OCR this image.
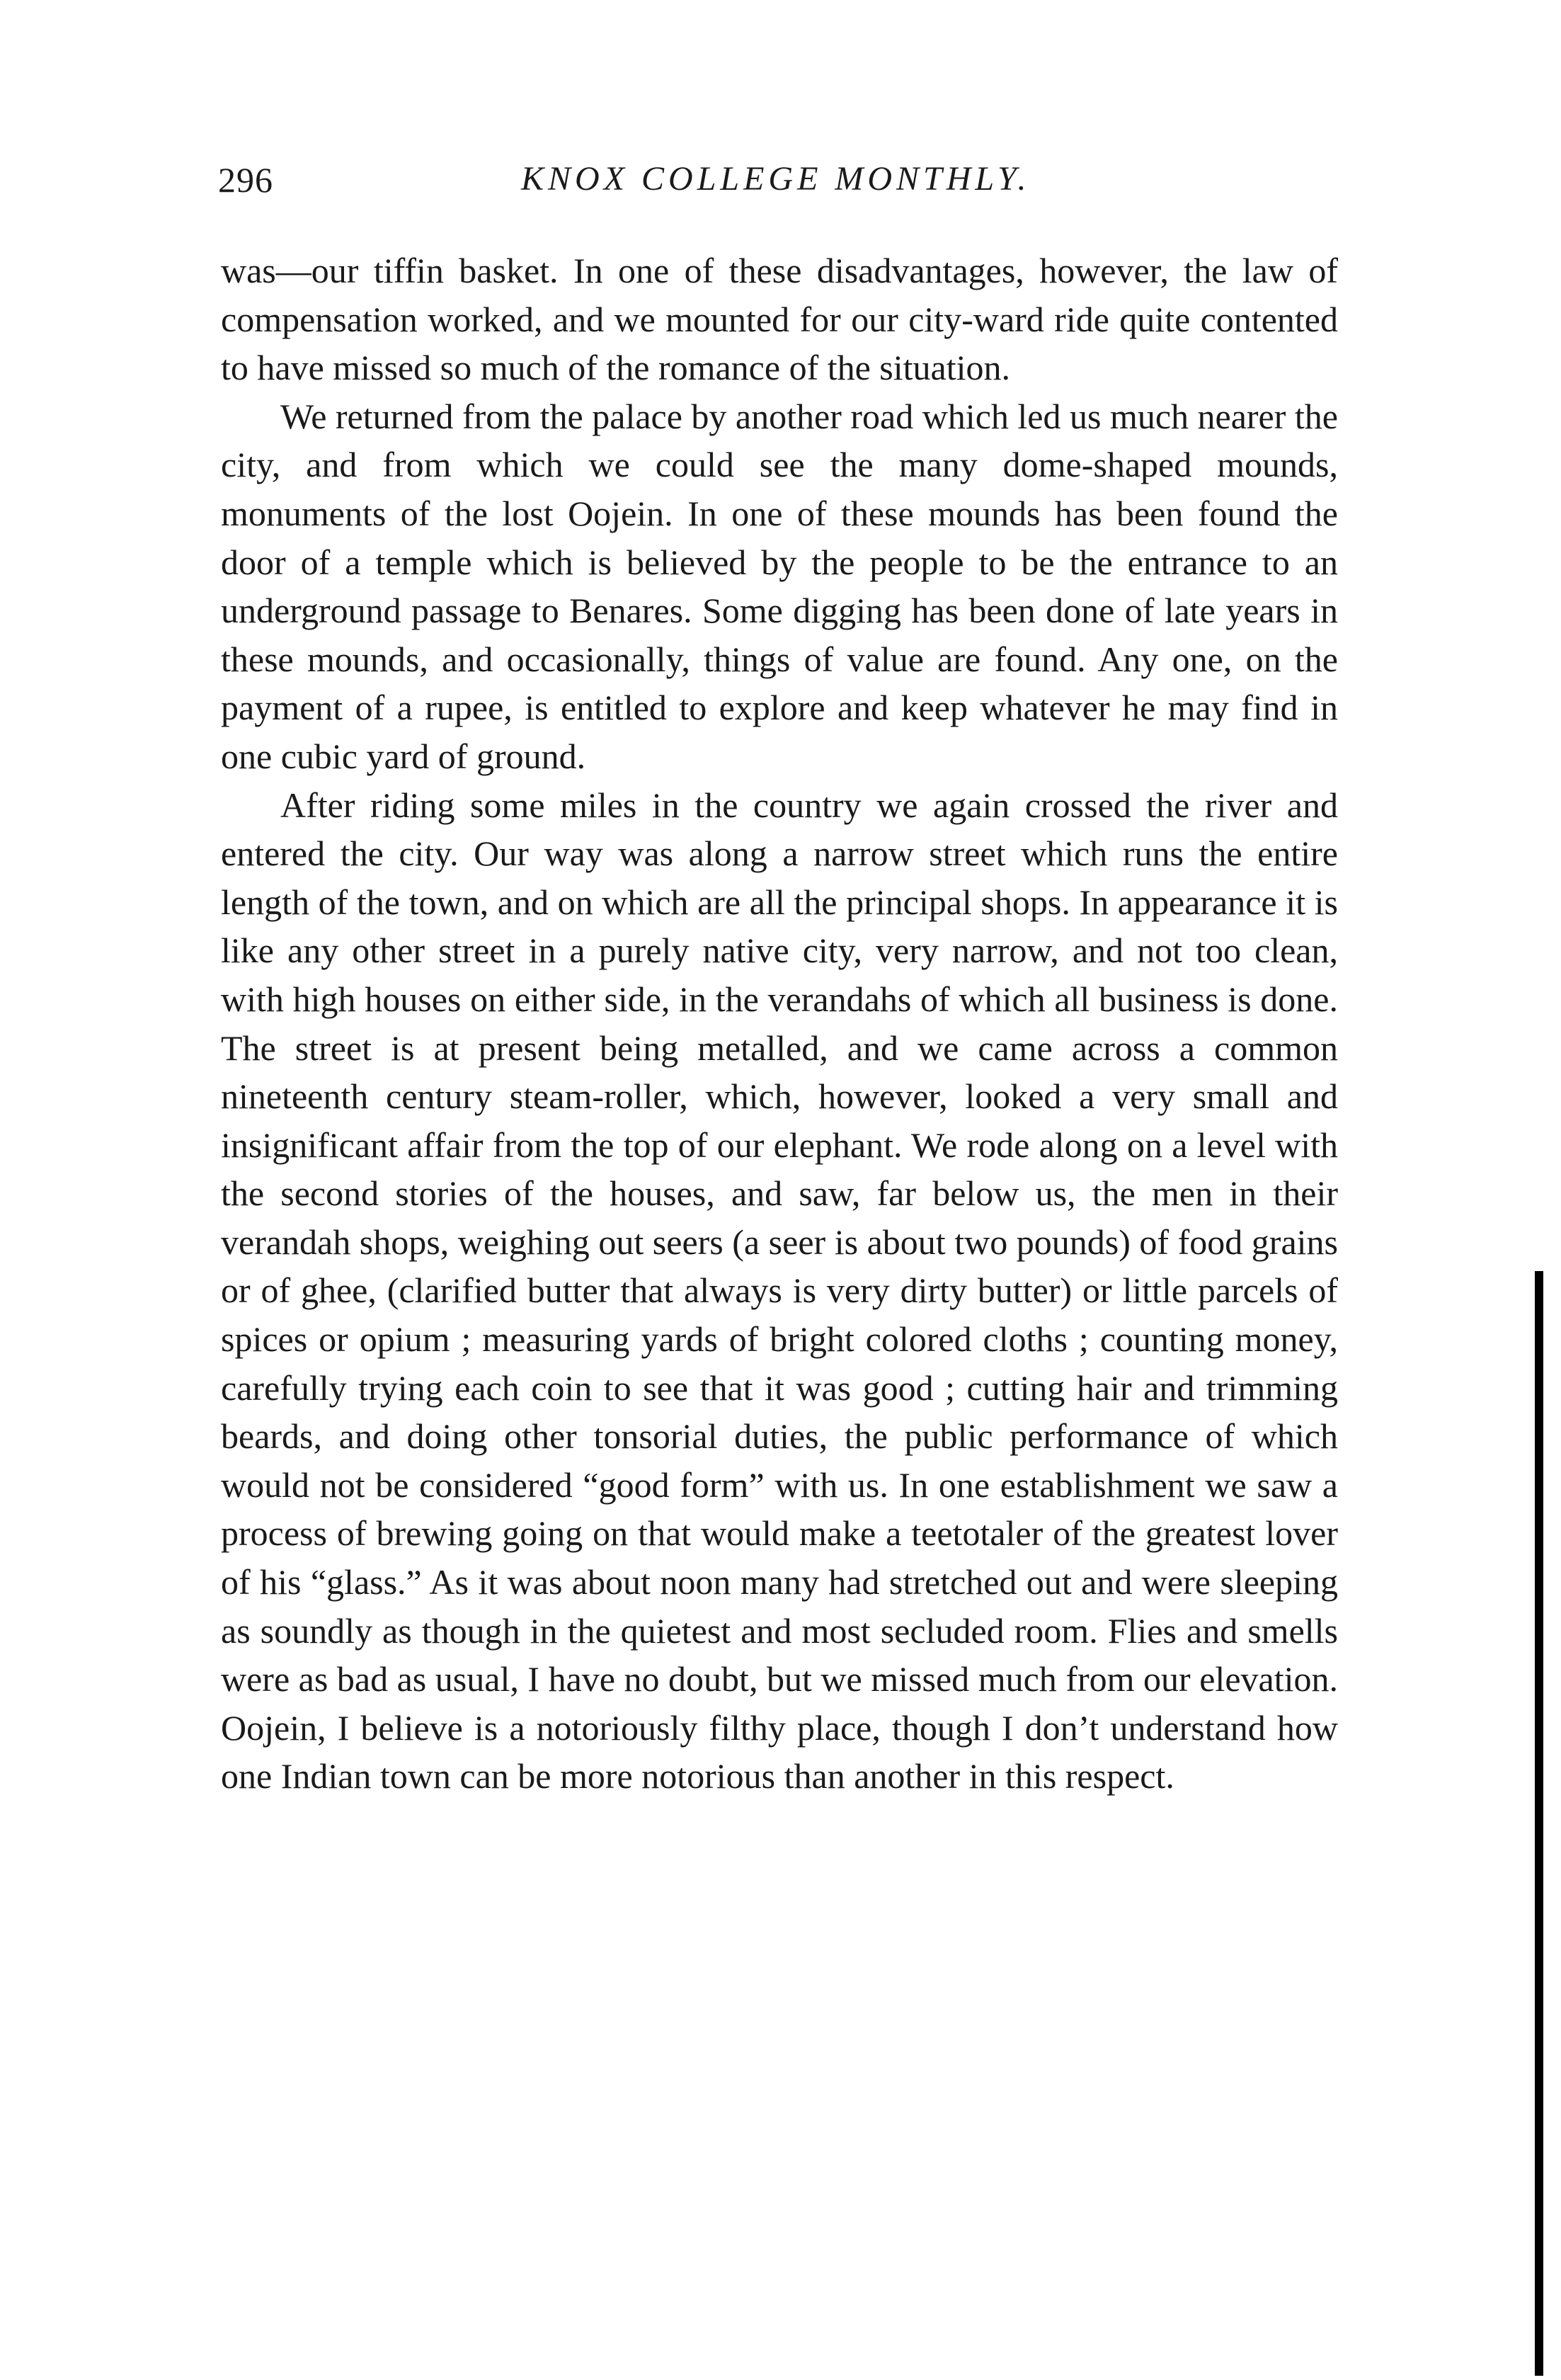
296	KNOX COLLEGE MONTHLY.

was—our tiffin basket. In one of these disadvantages, however, the law of compensation worked, and we mounted for our city-ward ride quite contented to have missed so much of the romance of the situation.

We returned from the palace by another road which led us much nearer the city, and from which we could see the many dome-shaped mounds, monuments of the lost Oojein. In one of these mounds has been found the door of a temple which is believed by the people to be the entrance to an underground passage to Benares. Some digging has been done of late years in these mounds, and occasionally, things of value are found. Any one, on the payment of a rupee, is entitled to explore and keep whatever he may find in one cubic yard of ground.

After riding some miles in the country we again crossed the river and entered the city. Our way was along a narrow street which runs the entire length of the town, and on which are all the principal shops. In appearance it is like any other street in a purely native city, very narrow, and not too clean, with high houses on either side, in the verandahs of which all business is done. The street is at present being metalled, and we came across a common nineteenth century steam-roller, which, however, looked a very small and insignificant affair from the top of our elephant. We rode along on a level with the second stories of the houses, and saw, far below us, the men in their verandah shops, weighing out seers (a seer is about two pounds) of food grains or of ghee, (clarified butter that always is very dirty butter) or little parcels of spices or opium ; measuring yards of bright colored cloths ; counting money, carefully trying each coin to see that it was good ; cutting hair and trimming beards, and doing other tonsorial duties, the public performance of which would not be considered “good form” with us. In one establishment we saw a process of brewing going on that would make a teetotaler of the greatest lover of his “glass.” As it was about noon many had stretched out and were sleeping as soundly as though in the quietest and most secluded room. Flies and smells were as bad as usual, I have no doubt, but we missed much from our elevation. Oojein, I believe is a notoriously filthy place, though I don’t understand how one Indian town can be more notorious than another in this respect.
